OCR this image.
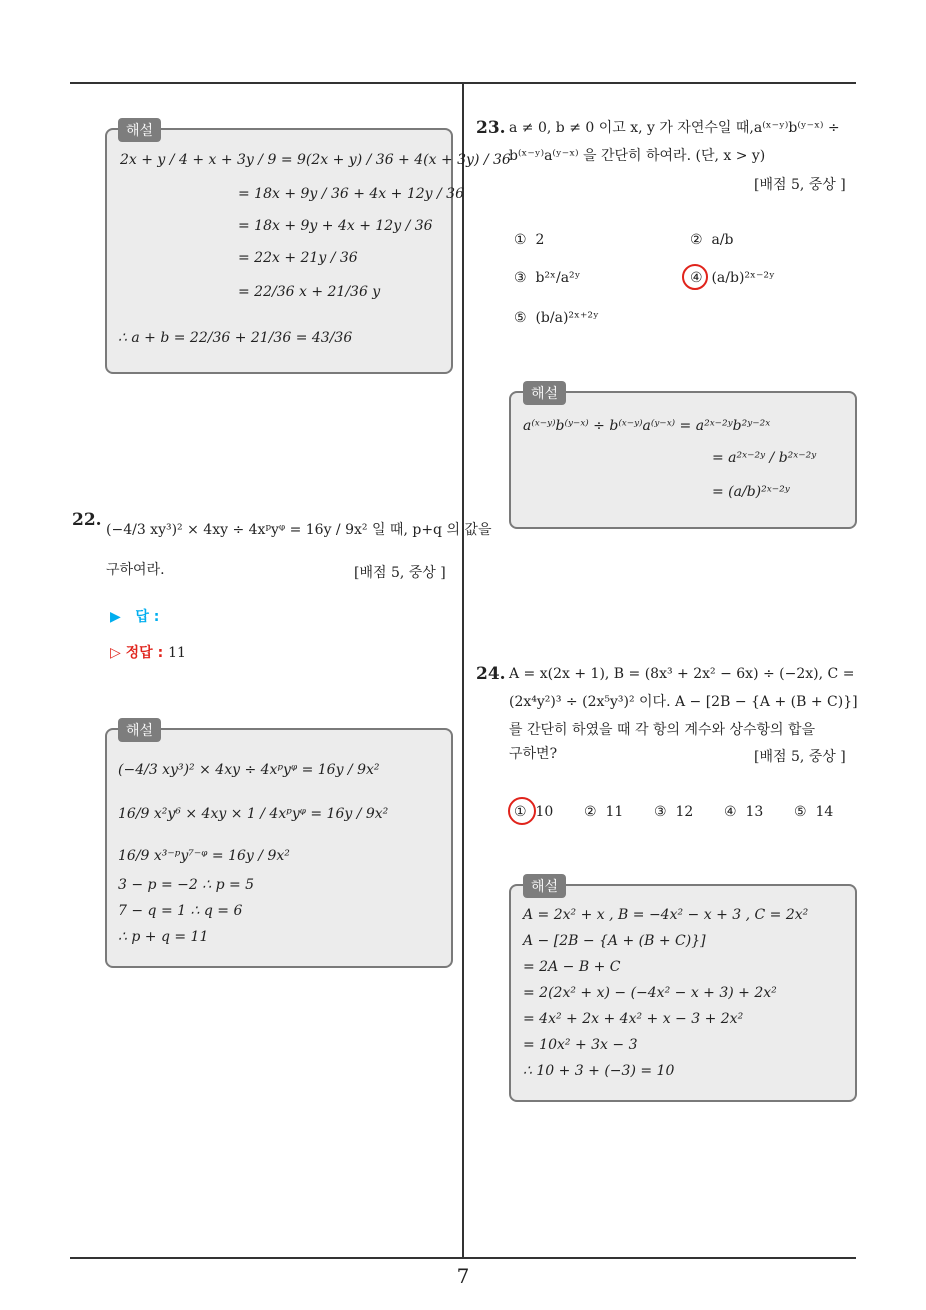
7
해설
2x + y / 4 + x + 3y / 9 = 9(2x + y) / 36 + 4(x + 3y) / 36
= 18x + 9y / 36 + 4x + 12y / 36
= 18x + 9y + 4x + 12y / 36
= 22x + 21y / 36
= 22/36 x + 21/36 y
∴ a + b = 22/36 + 21/36 = 43/36
22. (−4/3 xy³)² × 4xy ÷ 4xᵖyᵠ = 16y / 9x² 일 때, p+q 의 값을
구하여라.	[배점 5, 중상 ]
▶ 답 :
▷ 정답 : 11
해설
(−4/3 xy³)² × 4xy ÷ 4xᵖyᵠ = 16y / 9x²
16/9 x²y⁶ × 4xy × 1 / 4xᵖyᵠ = 16y / 9x²
16/9 x³⁻ᵖy⁷⁻ᵠ = 16y / 9x²
3 − p = −2 ∴ p = 5
7 − q = 1 ∴ q = 6
∴ p + q = 11
23. a ≠ 0, b ≠ 0 이고 x, y 가 자연수일 때,a⁽ˣ⁻ʸ⁾b⁽ʸ⁻ˣ⁾ ÷
b⁽ˣ⁻ʸ⁾a⁽ʸ⁻ˣ⁾ 을 간단히 하여라. (단, x > y)
[배점 5, 중상 ]
① 2	② a/b
③ b²ˣ/a²ʸ	④ (a/b)²ˣ⁻²ʸ
⑤ (b/a)²ˣ⁺²ʸ
해설
a⁽ˣ⁻ʸ⁾b⁽ʸ⁻ˣ⁾ ÷ b⁽ˣ⁻ʸ⁾a⁽ʸ⁻ˣ⁾ = a²ˣ⁻²ʸb²ʸ⁻²ˣ
= a²ˣ⁻²ʸ / b²ˣ⁻²ʸ
= (a/b)²ˣ⁻²ʸ
24. A = x(2x + 1), B = (8x³ + 2x² − 6x) ÷ (−2x), C =
(2x⁴y²)³ ÷ (2x⁵y³)² 이다. A − [2B − {A + (B + C)}]
를 간단히 하였을 때 각 항의 계수와 상수항의 합을
구하면?	[배점 5, 중상 ]
① 10 ② 11 ③ 12 ④ 13 ⑤ 14
해설
A = 2x² + x , B = −4x² − x + 3 , C = 2x²
A − [2B − {A + (B + C)}]
= 2A − B + C
= 2(2x² + x) − (−4x² − x + 3) + 2x²
= 4x² + 2x + 4x² + x − 3 + 2x²
= 10x² + 3x − 3
∴ 10 + 3 + (−3) = 10
